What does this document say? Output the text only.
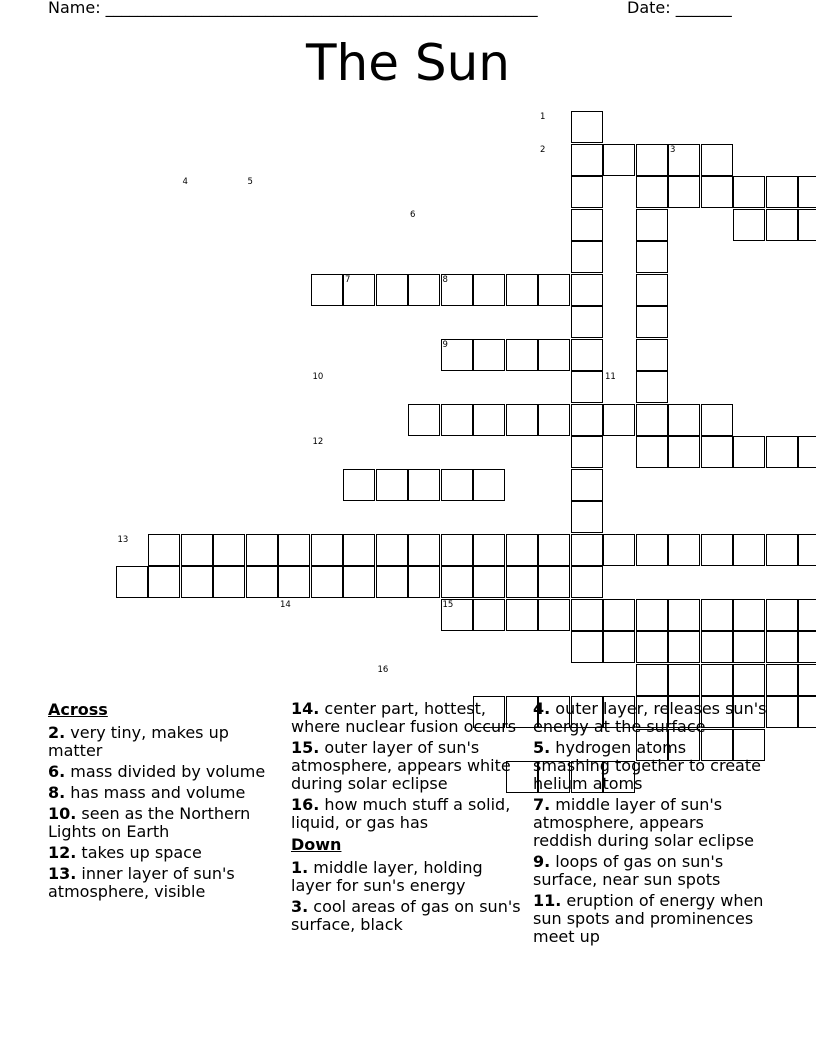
Name: ______________________________________________________	Date: _______
The Sun
1
2	3
4	5
6
7	8
9
10	11
12
13
14	15
16
Across
2. very tiny, makes up matter
6. mass divided by volume
8. has mass and volume
10. seen as the Northern Lights on Earth
12. takes up space
13. inner layer of sun's atmosphere, visible
14. center part, hottest, where nuclear fusion occurs
15. outer layer of sun's atmosphere, appears white during solar eclipse
16. how much stuff a solid, liquid, or gas has
Down
1. middle layer, holding layer for sun's energy
3. cool areas of gas on sun's surface, black
4. outer layer, releases sun's energy at the surface
5. hydrogen atoms smashing together to create helium atoms
7. middle layer of sun's atmosphere, appears reddish during solar eclipse
9. loops of gas on sun's surface, near sun spots
11. eruption of energy when sun spots and prominences meet up
